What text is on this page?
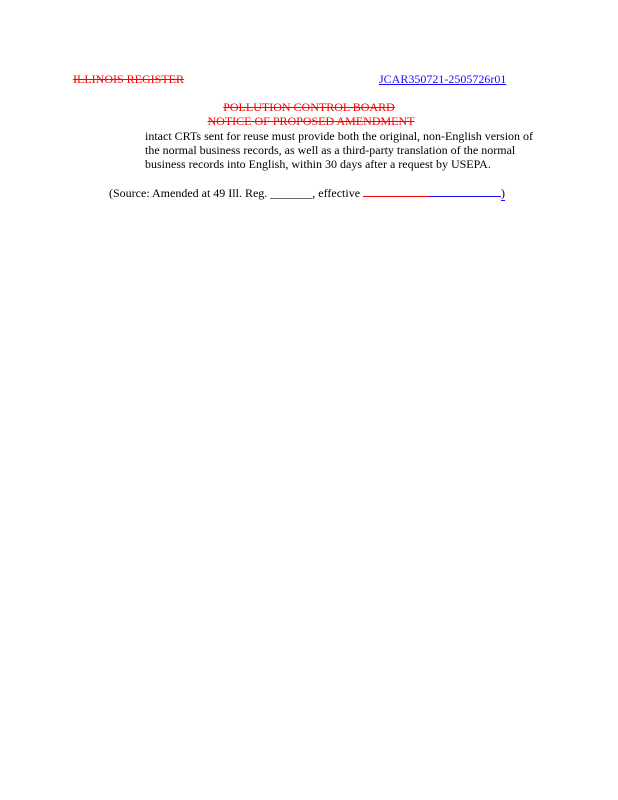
ILLINOIS REGISTER	JCAR350721-2505726r01
POLLUTION CONTROL BOARD
NOTICE OF PROPOSED AMENDMENT
intact CRTs sent for reuse must provide both the original, non-English version of
the normal business records, as well as a third-party translation of the normal
business records into English, within 30 days after a request by USEPA.
(Source: Amended at 49 Ill. Reg. _______, effective	)
